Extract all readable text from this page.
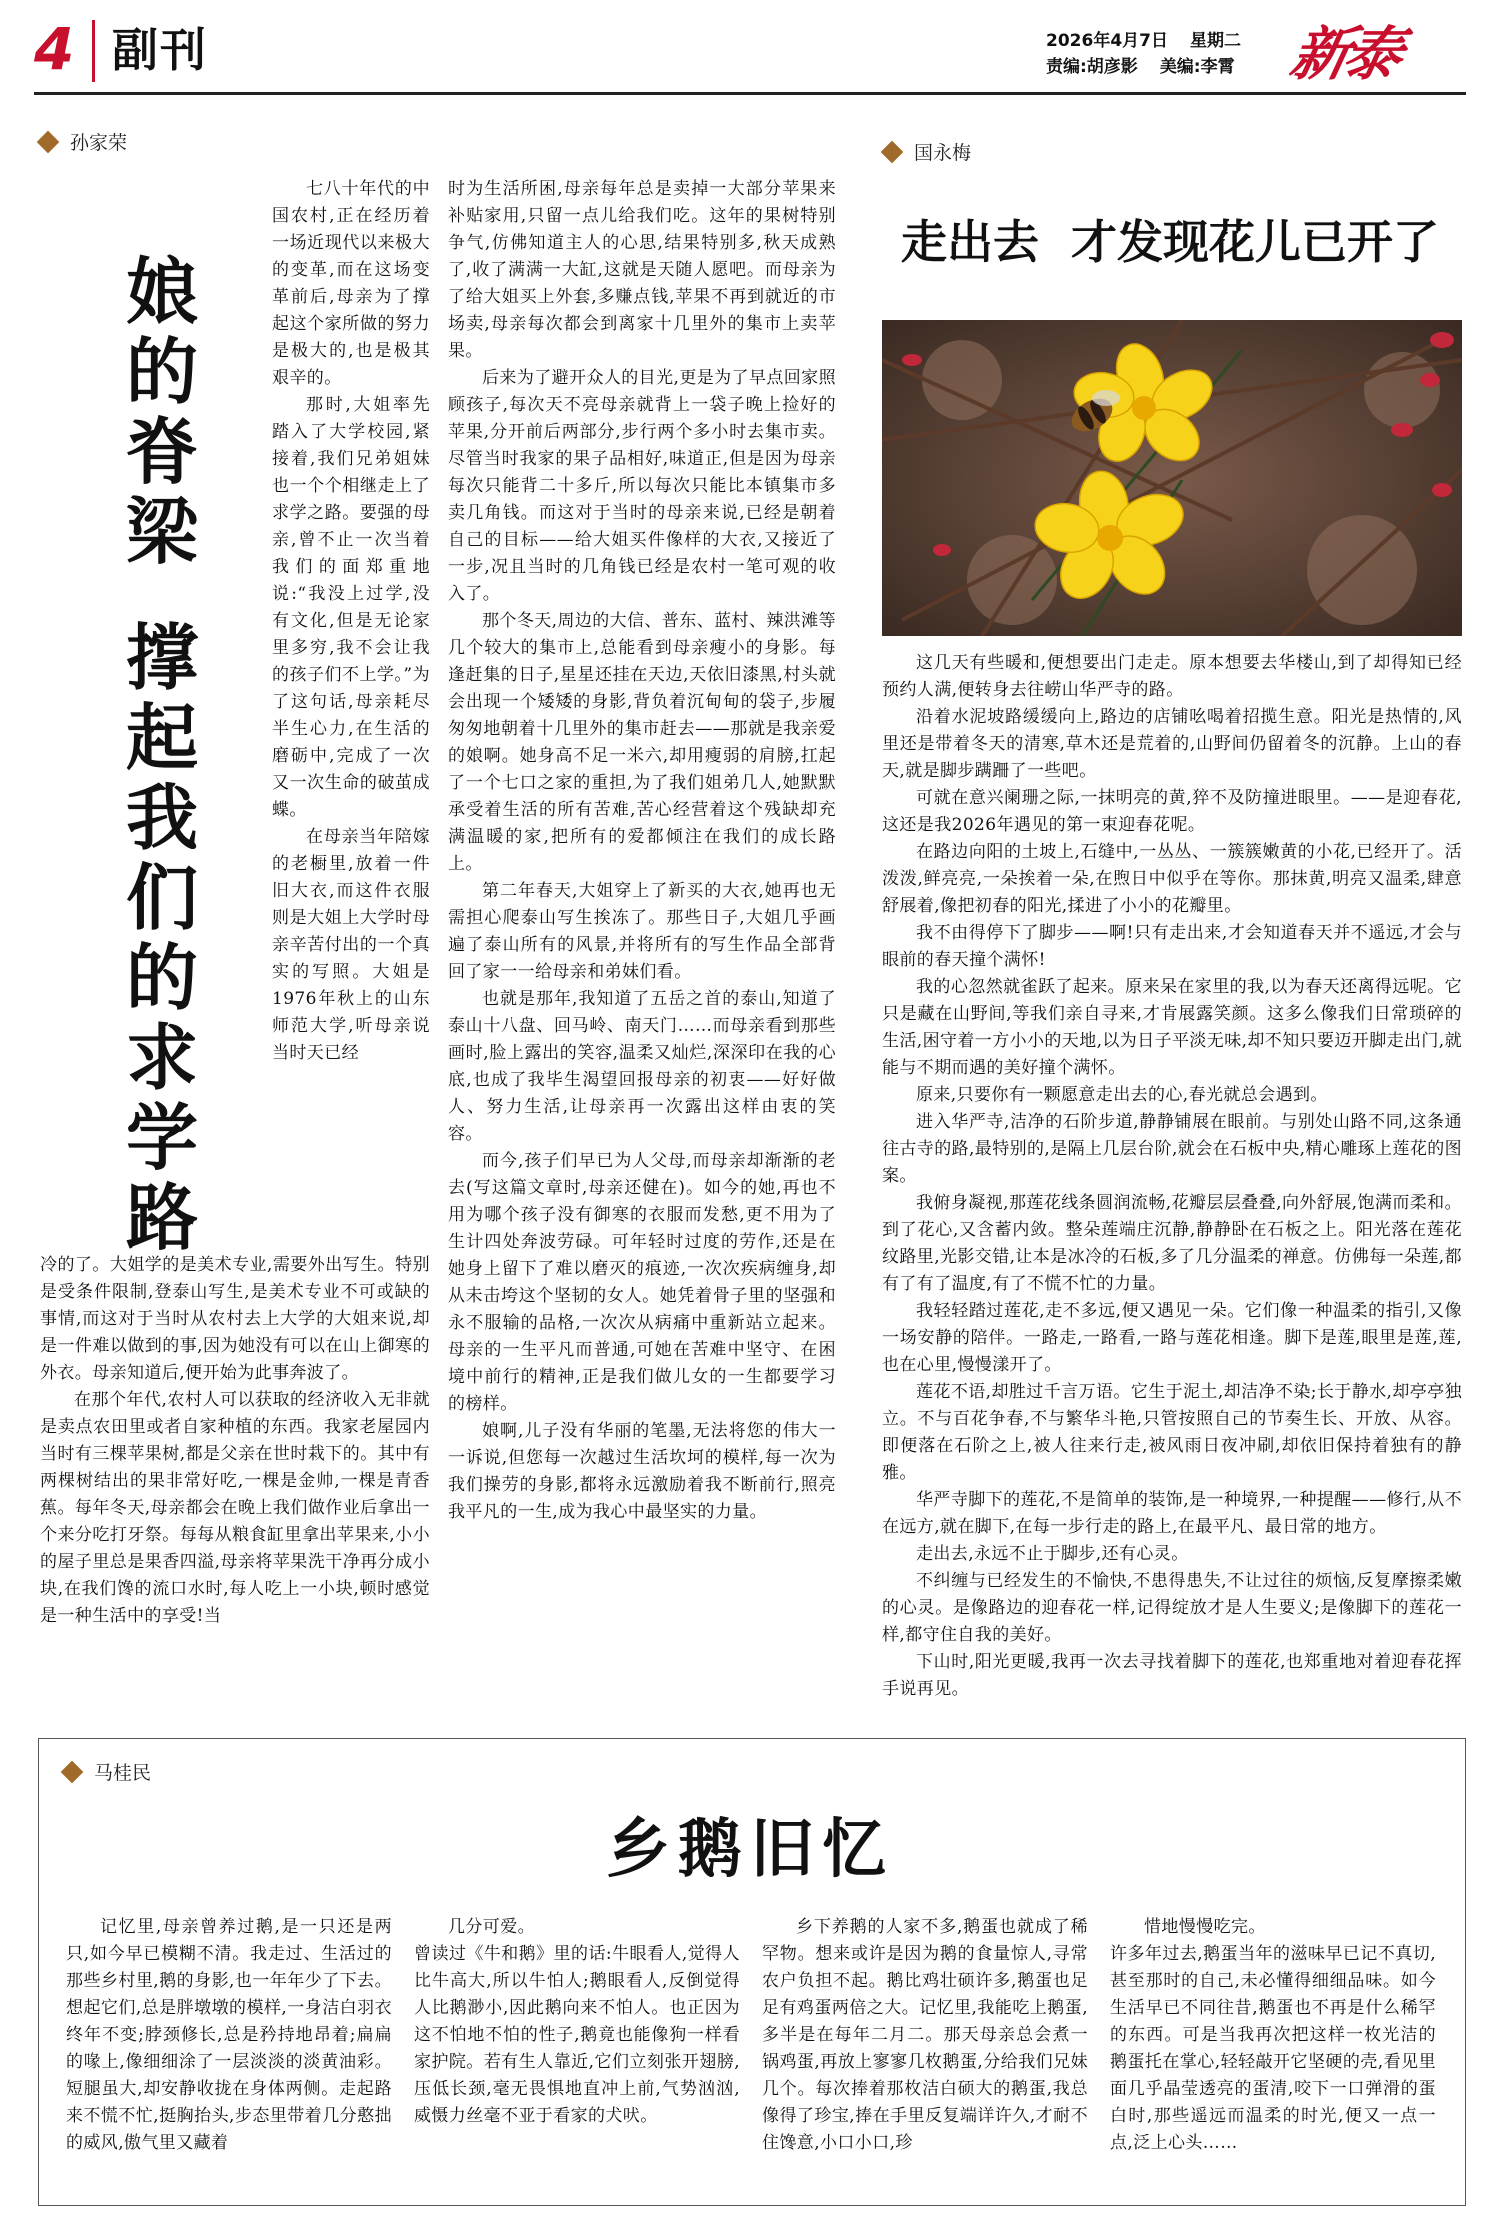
4 副刊	2026年4月7日 星期二
责编:胡彦影 美编:李霄 新泰
孙家荣
娘的脊梁
撑起我们的求学路

七八十年代的中国农村,正在经历着一场近现代以来极大的变革,而在这场变革前后,母亲为了撑起这个家所做的努力是极大的,也是极其艰辛的。

那时,大姐率先踏入了大学校园,紧接着,我们兄弟姐妹也一个个相继走上了求学之路。要强的母亲,曾不止一次当着我们的面郑重地说:“我没上过学,没有文化,但是无论家里多穷,我不会让我的孩子们不上学。”为了这句话,母亲耗尽半生心力,在生活的磨砺中,完成了一次又一次生命的破茧成蝶。

在母亲当年陪嫁的老橱里,放着一件旧大衣,而这件衣服则是大姐上大学时母亲辛苦付出的一个真实的写照。大姐是1976年秋上的山东师范大学,听母亲说当时天已经

冷的了。大姐学的是美术专业,需要外出写生。特别是受条件限制,登泰山写生,是美术专业不可或缺的事情,而这对于当时从农村去上大学的大姐来说,却是一件难以做到的事,因为她没有可以在山上御寒的外衣。母亲知道后,便开始为此事奔波了。

在那个年代,农村人可以获取的经济收入无非就是卖点农田里或者自家种植的东西。我家老屋园内当时有三棵苹果树,都是父亲在世时栽下的。其中有两棵树结出的果非常好吃,一棵是金帅,一棵是青香蕉。每年冬天,母亲都会在晚上我们做作业后拿出一个来分吃打牙祭。每每从粮食缸里拿出苹果来,小小的屋子里总是果香四溢,母亲将苹果洗干净再分成小块,在我们馋的流口水时,每人吃上一小块,顿时感觉是一种生活中的享受!当

时为生活所困,母亲每年总是卖掉一大部分苹果来补贴家用,只留一点儿给我们吃。这年的果树特别争气,仿佛知道主人的心思,结果特别多,秋天成熟了,收了满满一大缸,这就是天随人愿吧。而母亲为了给大姐买上外套,多赚点钱,苹果不再到就近的市场卖,母亲每次都会到离家十几里外的集市上卖苹果。

后来为了避开众人的目光,更是为了早点回家照顾孩子,每次天不亮母亲就背上一袋子晚上捡好的苹果,分开前后两部分,步行两个多小时去集市卖。尽管当时我家的果子品相好,味道正,但是因为母亲每次只能背二十多斤,所以每次只能比本镇集市多卖几角钱。而这对于当时的母亲来说,已经是朝着自己的目标——给大姐买件像样的大衣,又接近了一步,况且当时的几角钱已经是农村一笔可观的收入了。

那个冬天,周边的大信、普东、蓝村、辣洪滩等几个较大的集市上,总能看到母亲瘦小的身影。每逢赶集的日子,星星还挂在天边,天依旧漆黑,村头就会出现一个矮矮的身影,背负着沉甸甸的袋子,步履匆匆地朝着十几里外的集市赶去——那就是我亲爱的娘啊。她身高不足一米六,却用瘦弱的肩膀,扛起了一个七口之家的重担,为了我们姐弟几人,她默默承受着生活的所有苦难,苦心经营着这个残缺却充满温暖的家,把所有的爱都倾注在我们的成长路上。

第二年春天,大姐穿上了新买的大衣,她再也无需担心爬泰山写生挨冻了。那些日子,大姐几乎画遍了泰山所有的风景,并将所有的写生作品全部背回了家一一给母亲和弟妹们看。

也就是那年,我知道了五岳之首的泰山,知道了泰山十八盘、回马岭、南天门……而母亲看到那些画时,脸上露出的笑容,温柔又灿烂,深深印在我的心底,也成了我毕生渴望回报母亲的初衷——好好做人、努力生活,让母亲再一次露出这样由衷的笑容。

而今,孩子们早已为人父母,而母亲却渐渐的老去(写这篇文章时,母亲还健在)。如今的她,再也不用为哪个孩子没有御寒的衣服而发愁,更不用为了生计四处奔波劳碌。可年轻时过度的劳作,还是在她身上留下了难以磨灭的痕迹,一次次疾病缠身,却从未击垮这个坚韧的女人。她凭着骨子里的坚强和永不服输的品格,一次次从病痛中重新站立起来。母亲的一生平凡而普通,可她在苦难中坚守、在困境中前行的精神,正是我们做儿女的一生都要学习的榜样。

娘啊,儿子没有华丽的笔墨,无法将您的伟大一一诉说,但您每一次越过生活坎坷的模样,每一次为我们操劳的身影,都将永远激励着我不断前行,照亮我平凡的一生,成为我心中最坚实的力量。

国永梅
走出去  才发现花儿已开了

这几天有些暖和,便想要出门走走。原本想要去华楼山,到了却得知已经预约人满,便转身去往崂山华严寺的路。

沿着水泥坡路缓缓向上,路边的店铺吆喝着招揽生意。阳光是热情的,风里还是带着冬天的清寒,草木还是荒着的,山野间仍留着冬的沉静。上山的春天,就是脚步蹒跚了一些吧。

可就在意兴阑珊之际,一抹明亮的黄,猝不及防撞进眼里。——是迎春花,这还是我2026年遇见的第一束迎春花呢。

在路边向阳的土坡上,石缝中,一丛丛、一簇簇嫩黄的小花,已经开了。活泼泼,鲜亮亮,一朵挨着一朵,在煦日中似乎在等你。那抹黄,明亮又温柔,肆意舒展着,像把初春的阳光,揉进了小小的花瓣里。

我不由得停下了脚步——啊!只有走出来,才会知道春天并不遥远,才会与眼前的春天撞个满怀!

我的心忽然就雀跃了起来。原来呆在家里的我,以为春天还离得远呢。它只是藏在山野间,等我们亲自寻来,才肯展露笑颜。这多么像我们日常琐碎的生活,困守着一方小小的天地,以为日子平淡无味,却不知只要迈开脚走出门,就能与不期而遇的美好撞个满怀。

原来,只要你有一颗愿意走出去的心,春光就总会遇到。

进入华严寺,洁净的石阶步道,静静铺展在眼前。与别处山路不同,这条通往古寺的路,最特别的,是隔上几层台阶,就会在石板中央,精心雕琢上莲花的图案。

我俯身凝视,那莲花线条圆润流畅,花瓣层层叠叠,向外舒展,饱满而柔和。到了花心,又含蓄内敛。整朵莲端庄沉静,静静卧在石板之上。阳光落在莲花纹路里,光影交错,让本是冰冷的石板,多了几分温柔的禅意。仿佛每一朵莲,都有了有了温度,有了不慌不忙的力量。

我轻轻踏过莲花,走不多远,便又遇见一朵。它们像一种温柔的指引,又像一场安静的陪伴。一路走,一路看,一路与莲花相逢。脚下是莲,眼里是莲,莲,也在心里,慢慢漾开了。

莲花不语,却胜过千言万语。它生于泥土,却洁净不染;长于静水,却亭亭独立。不与百花争春,不与繁华斗艳,只管按照自己的节奏生长、开放、从容。即便落在石阶之上,被人往来行走,被风雨日夜冲刷,却依旧保持着独有的静雅。

华严寺脚下的莲花,不是简单的装饰,是一种境界,一种提醒——修行,从不在远方,就在脚下,在每一步行走的路上,在最平凡、最日常的地方。

走出去,永远不止于脚步,还有心灵。

不纠缠与已经发生的不愉快,不患得患失,不让过往的烦恼,反复摩擦柔嫩的心灵。是像路边的迎春花一样,记得绽放才是人生要义;是像脚下的莲花一样,都守住自我的美好。

下山时,阳光更暖,我再一次去寻找着脚下的莲花,也郑重地对着迎春花挥手说再见。

马桂民
乡鹅旧忆

记忆里,母亲曾养过鹅,是一只还是两只,如今早已模糊不清。我走过、生活过的那些乡村里,鹅的身影,也一年年少了下去。想起它们,总是胖墩墩的模样,一身洁白羽衣终年不变;脖颈修长,总是矜持地昂着;扁扁的喙上,像细细涂了一层淡淡的淡黄油彩。短腿虽大,却安静收拢在身体两侧。走起路来不慌不忙,挺胸抬头,步态里带着几分憨拙的威风,傲气里又藏着

几分可爱。
曾读过《牛和鹅》里的话:牛眼看人,觉得人比牛高大,所以牛怕人;鹅眼看人,反倒觉得人比鹅渺小,因此鹅向来不怕人。也正因为这不怕地不怕的性子,鹅竟也能像狗一样看家护院。若有生人靠近,它们立刻张开翅膀,压低长颈,毫无畏惧地直冲上前,气势汹汹,威慑力丝毫不亚于看家的犬吠。

乡下养鹅的人家不多,鹅蛋也就成了稀罕物。想来或许是因为鹅的食量惊人,寻常农户负担不起。鹅比鸡壮硕许多,鹅蛋也足足有鸡蛋两倍之大。记忆里,我能吃上鹅蛋,多半是在每年二月二。那天母亲总会煮一锅鸡蛋,再放上寥寥几枚鹅蛋,分给我们兄妹几个。每次捧着那枚洁白硕大的鹅蛋,我总像得了珍宝,捧在手里反复端详许久,才耐不住馋意,小口小口,珍

惜地慢慢吃完。
许多年过去,鹅蛋当年的滋味早已记不真切,甚至那时的自己,未必懂得细细品味。如今生活早已不同往昔,鹅蛋也不再是什么稀罕的东西。可是当我再次把这样一枚光洁的鹅蛋托在掌心,轻轻敲开它坚硬的壳,看见里面几乎晶莹透亮的蛋清,咬下一口弹滑的蛋白时,那些遥远而温柔的时光,便又一点一点,泛上心头……
